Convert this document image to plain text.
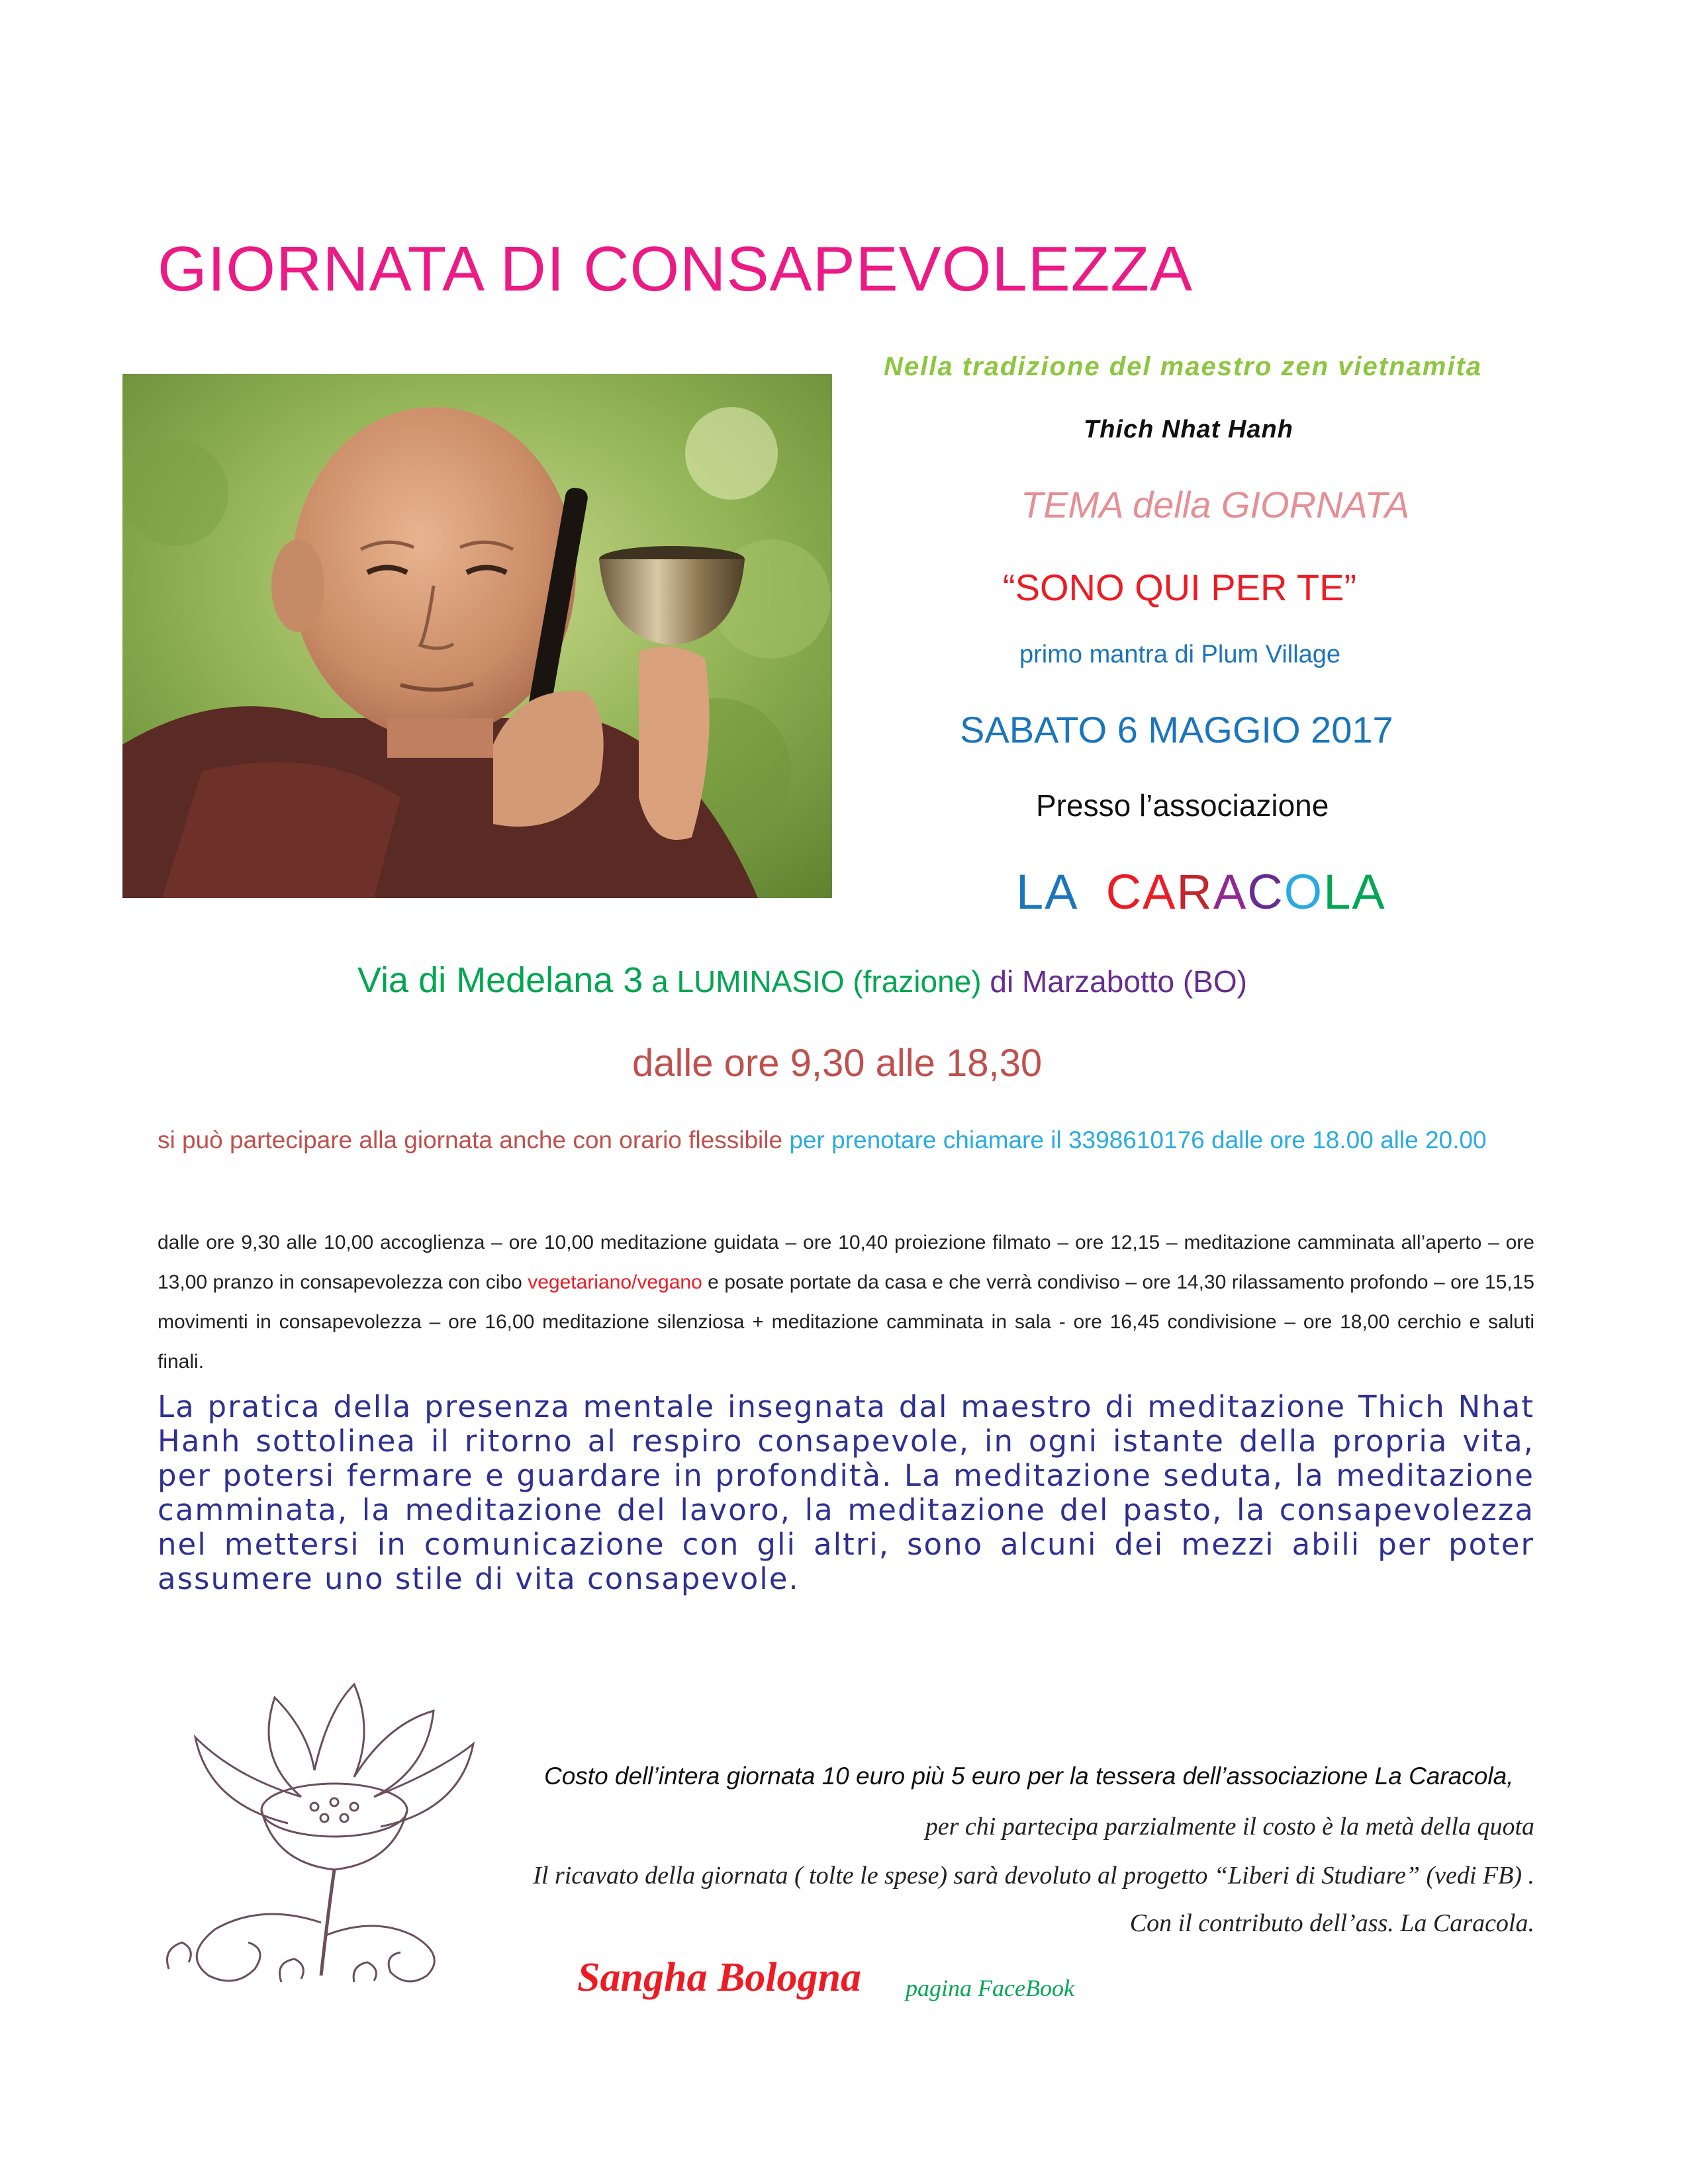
GIORNATA DI CONSAPEVOLEZZA
Nella tradizione del maestro zen vietnamita
Thich Nhat Hanh
TEMA della GIORNATA
“SONO QUI PER TE”
primo mantra di Plum Village
SABATO 6 MAGGIO 2017
Presso l’associazione
LA CARACOLA
Via di Medelana 3 a LUMINASIO (frazione) di Marzabotto (BO)
dalle ore 9,30 alle 18,30
si può partecipare alla giornata anche con orario flessibile per prenotare chiamare il 3398610176 dalle ore 18.00 alle 20.00
dalle ore 9,30 alle 10,00 accoglienza – ore 10,00 meditazione guidata – ore 10,40 proiezione filmato – ore 12,15 – meditazione camminata all’aperto – ore 13,00 pranzo in consapevolezza con cibo vegetariano/vegano e posate portate da casa e che verrà condiviso – ore 14,30 rilassamento profondo – ore 15,15 movimenti in consapevolezza – ore 16,00 meditazione silenziosa + meditazione camminata in sala - ore 16,45 condivisione – ore 18,00 cerchio e saluti finali.
La pratica della presenza mentale insegnata dal maestro di meditazione Thich Nhat Hanh sottolinea il ritorno al respiro consapevole, in ogni istante della propria vita, per potersi fermare e guardare in profondità. La meditazione seduta, la meditazione camminata, la meditazione del lavoro, la meditazione del pasto, la consapevolezza nel mettersi in comunicazione con gli altri, sono alcuni dei mezzi abili per poter assumere uno stile di vita consapevole.
Costo dell’intera giornata 10 euro più 5 euro per la tessera dell’associazione La Caracola,
per chi partecipa parzialmente il costo è la metà della quota
Il ricavato della giornata ( tolte le spese) sarà devoluto al progetto “Liberi di Studiare” (vedi FB) .
Con il contributo dell’ass. La Caracola.
Sangha Bologna pagina FaceBook
